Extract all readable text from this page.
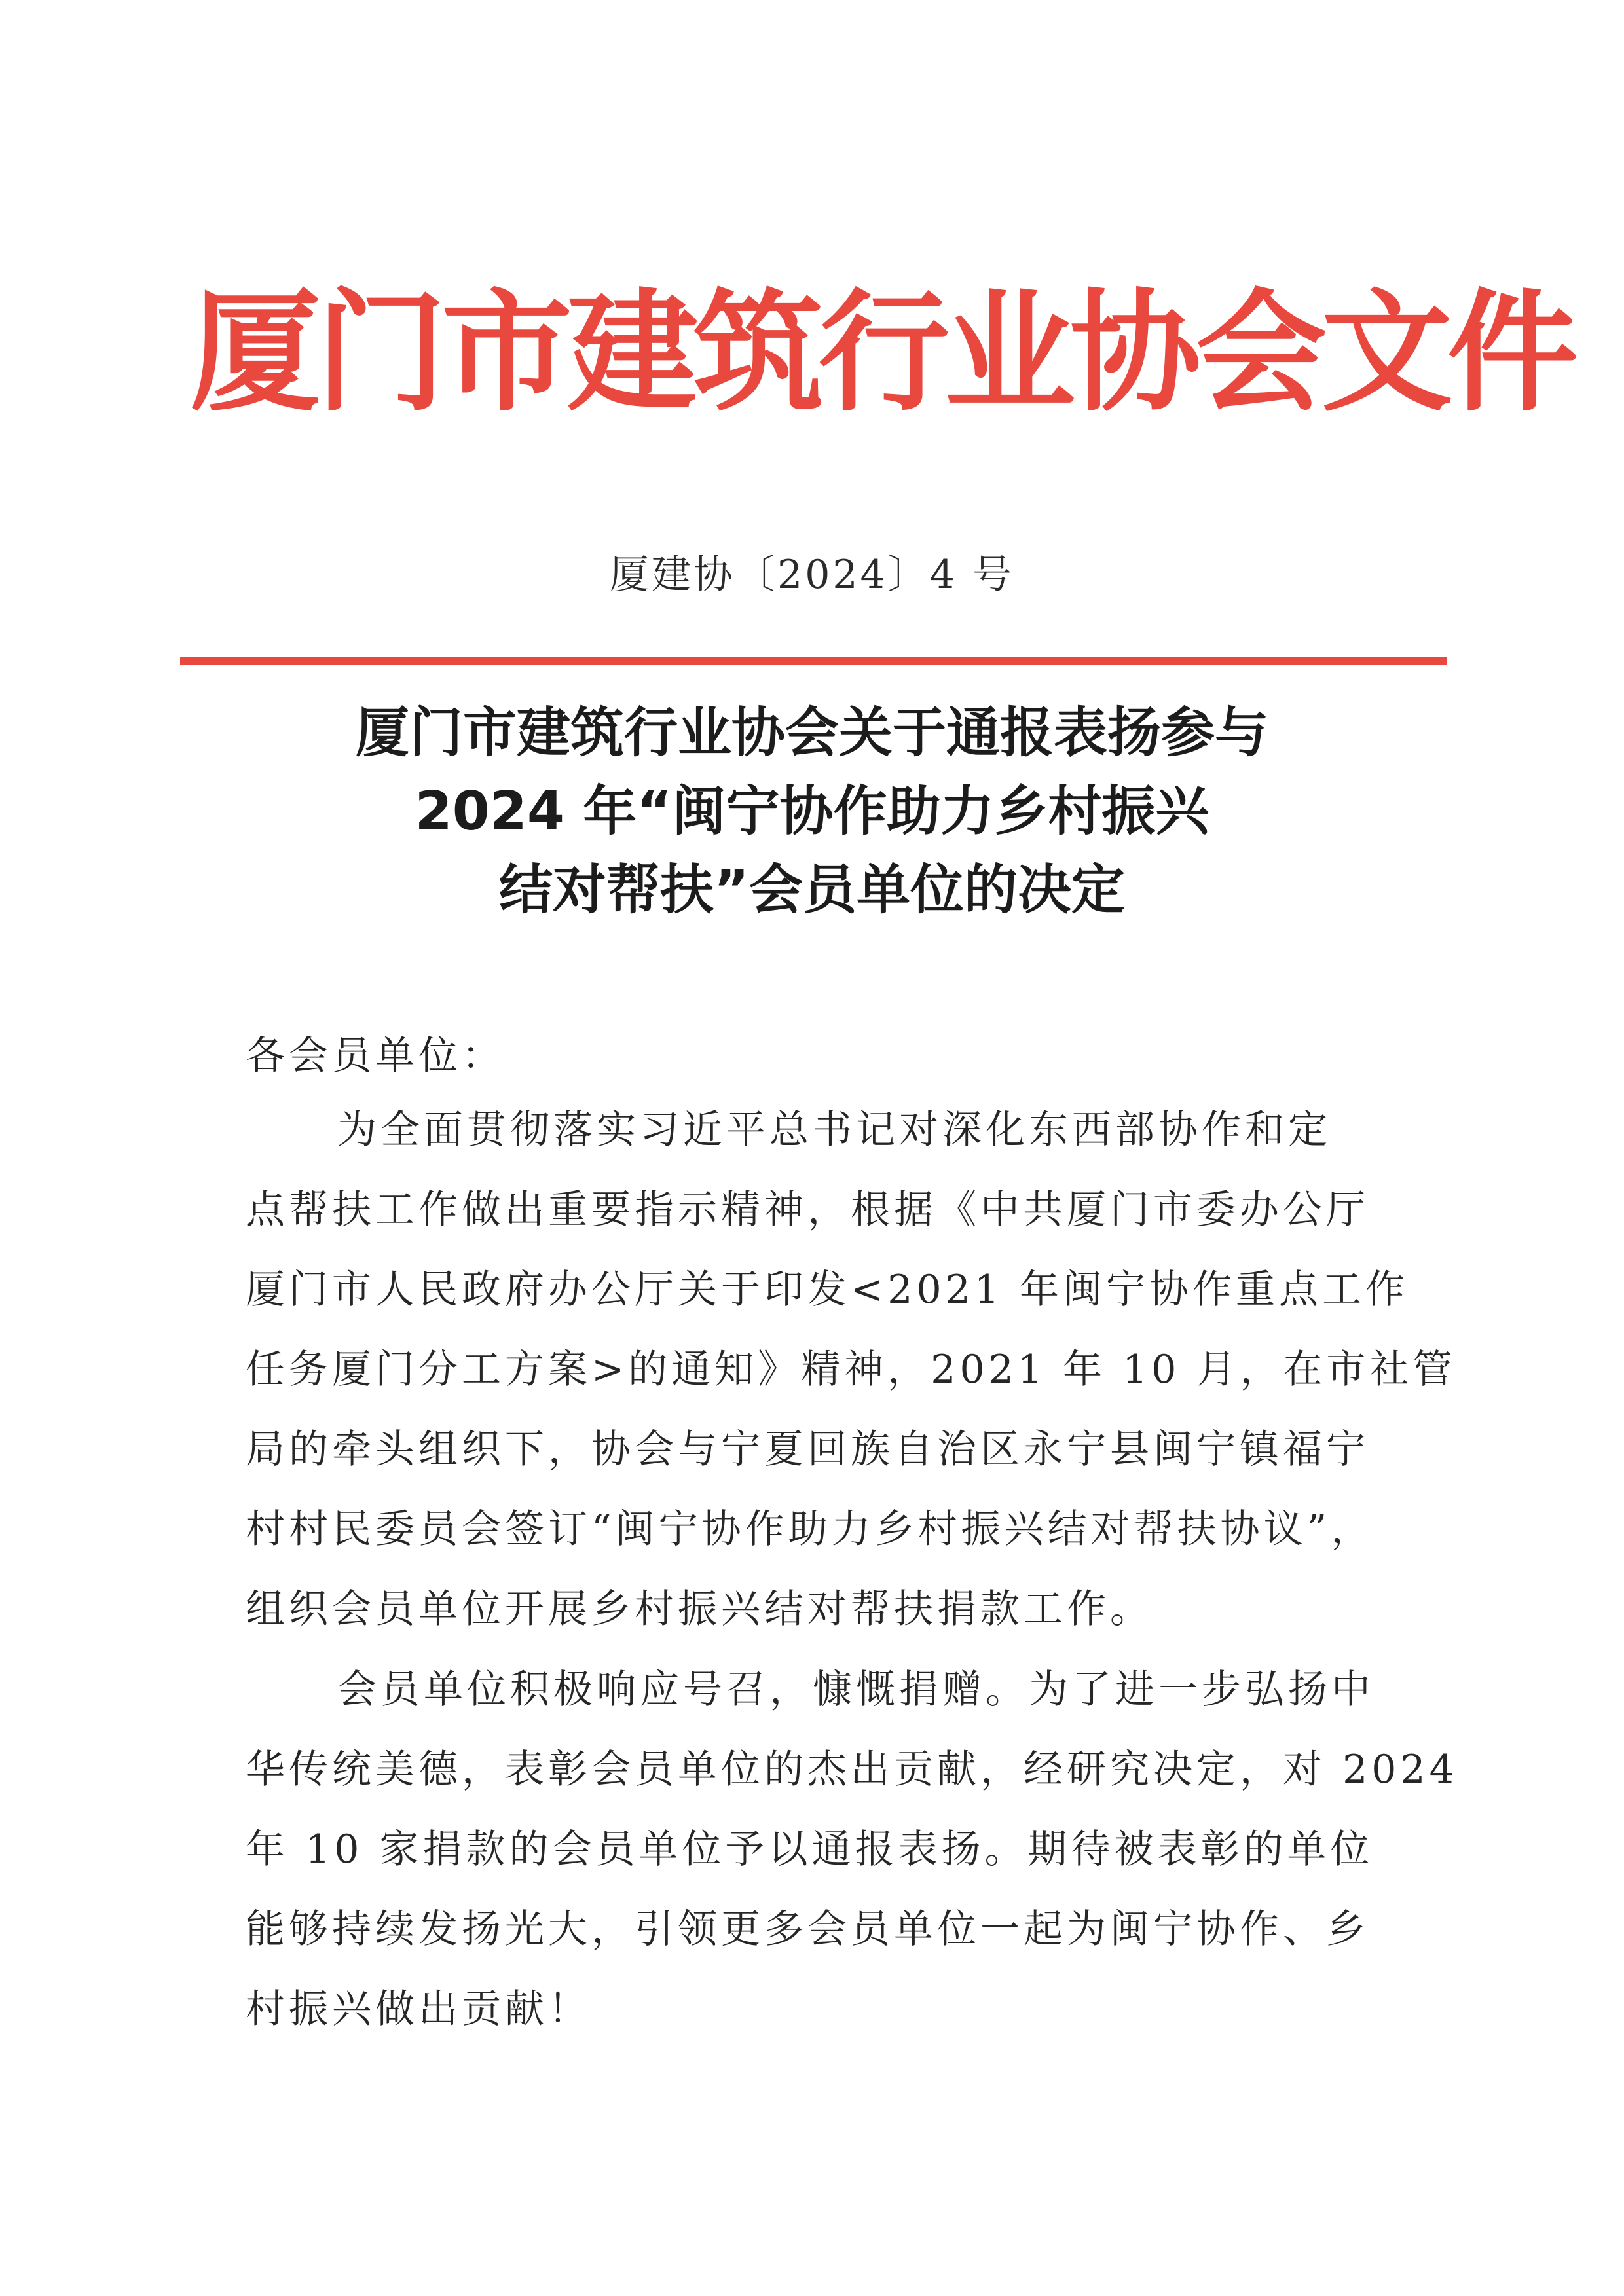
厦门市建筑行业协会文件
厦建协〔2024〕4 号
厦门市建筑行业协会关于通报表扬参与
2024 年“闽宁协作助力乡村振兴
结对帮扶”会员单位的决定
各会员单位：
为全面贯彻落实习近平总书记对深化东西部协作和定
点帮扶工作做出重要指示精神，根据《中共厦门市委办公厅
厦门市人民政府办公厅关于印发<2021 年闽宁协作重点工作
任务厦门分工方案>的通知》精神，2021 年 10 月，在市社管
局的牵头组织下，协会与宁夏回族自治区永宁县闽宁镇福宁
村村民委员会签订“闽宁协作助力乡村振兴结对帮扶协议”，
组织会员单位开展乡村振兴结对帮扶捐款工作。
会员单位积极响应号召，慷慨捐赠。为了进一步弘扬中
华传统美德，表彰会员单位的杰出贡献，经研究决定，对 2024
年 10 家捐款的会员单位予以通报表扬。期待被表彰的单位
能够持续发扬光大，引领更多会员单位一起为闽宁协作、乡
村振兴做出贡献！
